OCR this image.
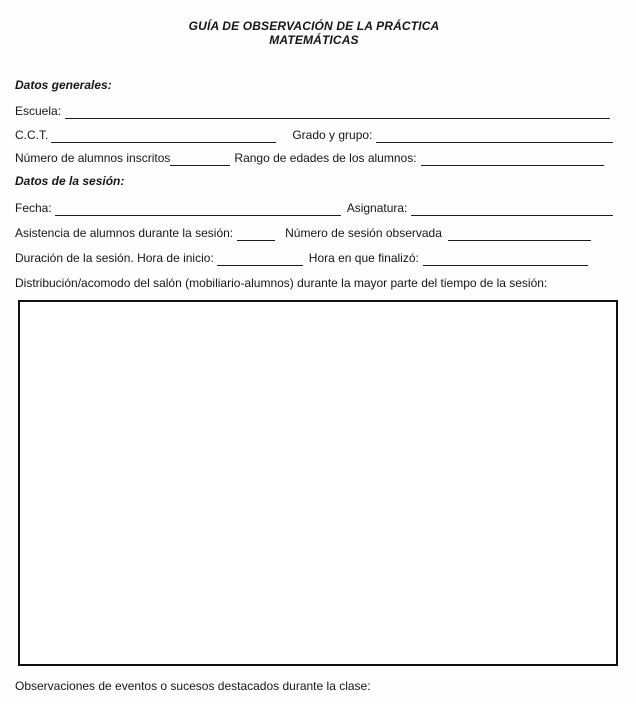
GUÍA DE OBSERVACIÓN DE LA PRÁCTICA
MATEMÁTICAS
Datos generales:
Escuela:
C.C.T.	Grado y grupo:
Número de alumnos inscritos	Rango de edades de los alumnos:
Datos de la sesión:
Fecha:	Asignatura:
Asistencia de alumnos durante la sesión:	Número de sesión observada
Duración de la sesión. Hora de inicio:	Hora en que finalizó:
Distribución/acomodo del salón (mobiliario-alumnos) durante la mayor parte del tiempo de la sesión:
Observaciones de eventos o sucesos destacados durante la clase:
